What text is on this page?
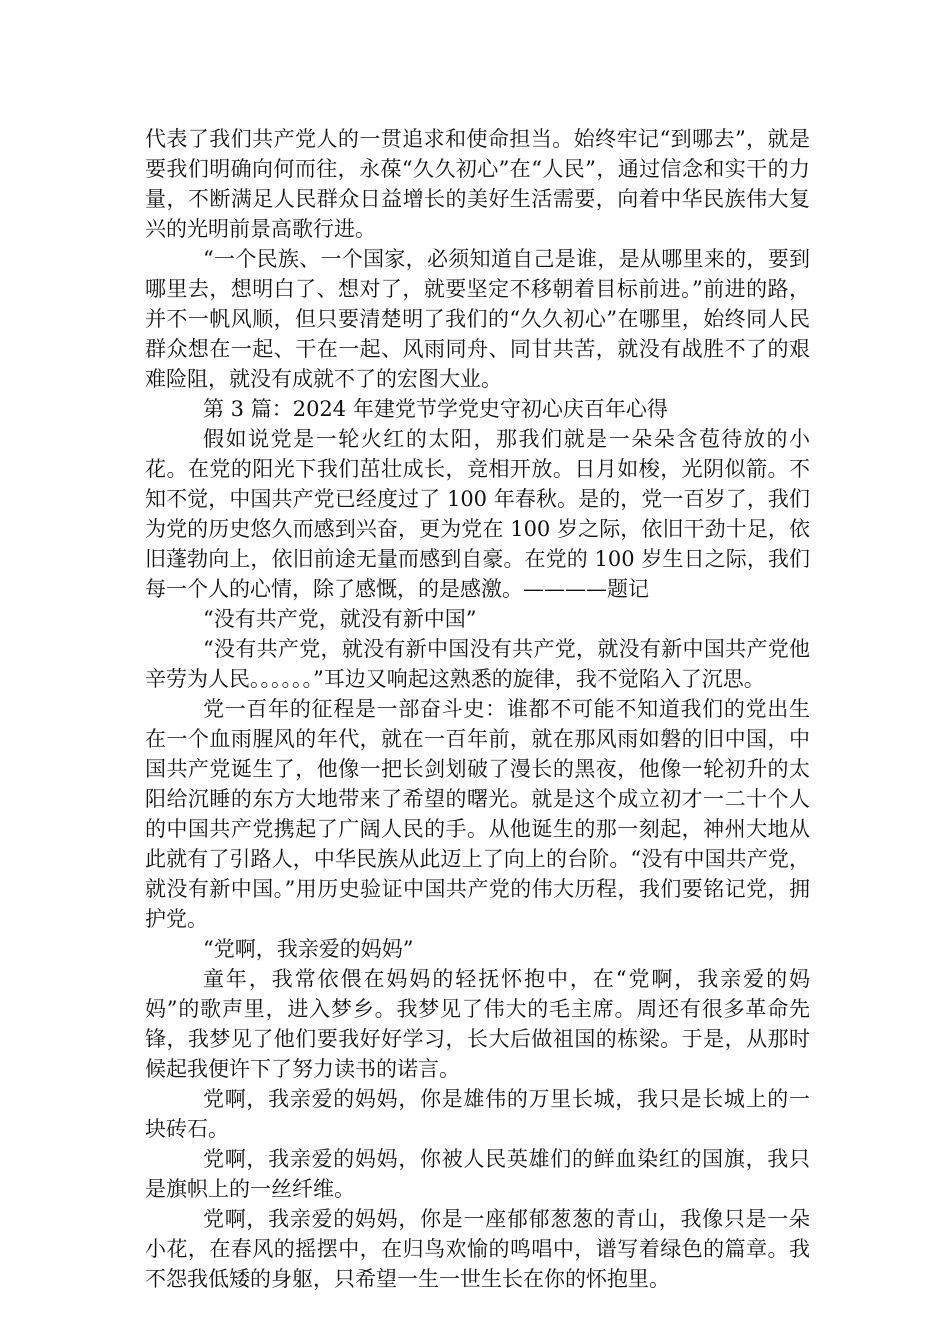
代表了我们共产党人的一贯追求和使命担当。始终牢记“到哪去”，就是要我们明确向何而往，永葆“久久初心”在“人民”，通过信念和实干的力量，不断满足人民群众日益增长的美好生活需要，向着中华民族伟大复兴的光明前景高歌行进。

“一个民族、一个国家，必须知道自己是谁，是从哪里来的，要到哪里去，想明白了、想对了，就要坚定不移朝着目标前进。”前进的路，并不一帆风顺，但只要清楚明了我们的“久久初心”在哪里，始终同人民群众想在一起、干在一起、风雨同舟、同甘共苦，就没有战胜不了的艰难险阻，就没有成就不了的宏图大业。

第 3 篇：2024 年建党节学党史守初心庆百年心得

假如说党是一轮火红的太阳，那我们就是一朵朵含苞待放的小花。在党的阳光下我们茁壮成长，竞相开放。日月如梭，光阴似箭。不知不觉，中国共产党已经度过了 100 年春秋。是的，党一百岁了，我们为党的历史悠久而感到兴奋，更为党在 100 岁之际，依旧干劲十足，依旧蓬勃向上，依旧前途无量而感到自豪。在党的 100 岁生日之际，我们每一个人的心情，除了感慨，的是感激。————题记

“没有共产党，就没有新中国”

“没有共产党，就没有新中国没有共产党，就没有新中国共产党他辛劳为人民。。。。。。”耳边又响起这熟悉的旋律，我不觉陷入了沉思。

党一百年的征程是一部奋斗史：谁都不可能不知道我们的党出生在一个血雨腥风的年代，就在一百年前，就在那风雨如磐的旧中国，中国共产党诞生了，他像一把长剑划破了漫长的黑夜，他像一轮初升的太阳给沉睡的东方大地带来了希望的曙光。就是这个成立初才一二十个人的中国共产党携起了广阔人民的手。从他诞生的那一刻起，神州大地从此就有了引路人，中华民族从此迈上了向上的台阶。“没有中国共产党，就没有新中国。”用历史验证中国共产党的伟大历程，我们要铭记党，拥护党。

“党啊，我亲爱的妈妈”

童年，我常依偎在妈妈的轻抚怀抱中，在“党啊，我亲爱的妈妈”的歌声里，进入梦乡。我梦见了伟大的毛主席。周还有很多革命先锋，我梦见了他们要我好好学习，长大后做祖国的栋梁。于是，从那时候起我便许下了努力读书的诺言。

党啊，我亲爱的妈妈，你是雄伟的万里长城，我只是长城上的一块砖石。

党啊，我亲爱的妈妈，你被人民英雄们的鲜血染红的国旗，我只是旗帜上的一丝纤维。

党啊，我亲爱的妈妈，你是一座郁郁葱葱的青山，我像只是一朵小花，在春风的摇摆中，在归鸟欢愉的鸣唱中，谱写着绿色的篇章。我不怨我低矮的身躯，只希望一生一世生长在你的怀抱里。
